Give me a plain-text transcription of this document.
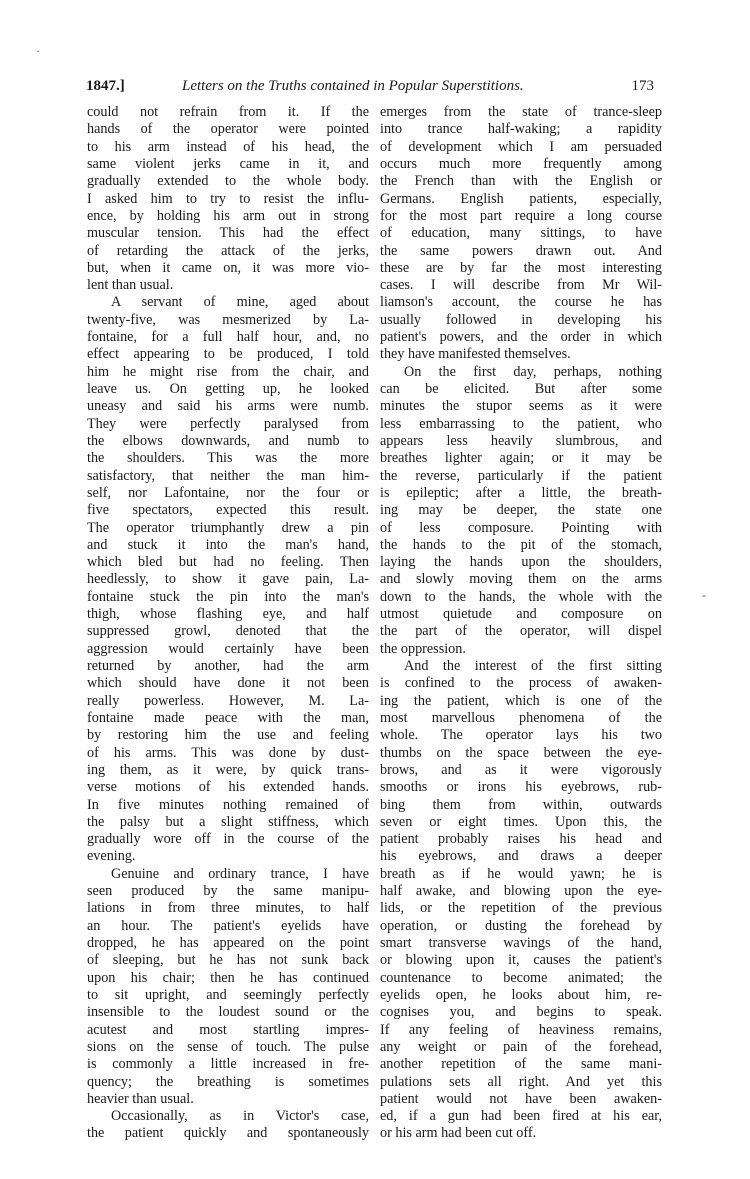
·
-
1847.]	Letters on the Truths contained in Popular Superstitions.	173

could not refrain from it. If the

hands of the operator were pointed

to his arm instead of his head, the

same violent jerks came in it, and

gradually extended to the whole body.

I asked him to try to resist the influ-

ence, by holding his arm out in strong

muscular tension. This had the effect

of retarding the attack of the jerks,

but, when it came on, it was more vio-

lent than usual.

A servant of mine, aged about

twenty-five, was mesmerized by La-

fontaine, for a full half hour, and, no

effect appearing to be produced, I told

him he might rise from the chair, and

leave us. On getting up, he looked

uneasy and said his arms were numb.

They were perfectly paralysed from

the elbows downwards, and numb to

the shoulders. This was the more

satisfactory, that neither the man him-

self, nor Lafontaine, nor the four or

five spectators, expected this result.

The operator triumphantly drew a pin

and stuck it into the man's hand,

which bled but had no feeling. Then

heedlessly, to show it gave pain, La-

fontaine stuck the pin into the man's

thigh, whose flashing eye, and half

suppressed growl, denoted that the

aggression would certainly have been

returned by another, had the arm

which should have done it not been

really powerless. However, M. La-

fontaine made peace with the man,

by restoring him the use and feeling

of his arms. This was done by dust-

ing them, as it were, by quick trans-

verse motions of his extended hands.

In five minutes nothing remained of

the palsy but a slight stiffness, which

gradually wore off in the course of the

evening.

Genuine and ordinary trance, I have

seen produced by the same manipu-

lations in from three minutes, to half

an hour. The patient's eyelids have

dropped, he has appeared on the point

of sleeping, but he has not sunk back

upon his chair; then he has continued

to sit upright, and seemingly perfectly

insensible to the loudest sound or the

acutest and most startling impres-

sions on the sense of touch. The pulse

is commonly a little increased in fre-

quency; the breathing is sometimes

heavier than usual.

Occasionally, as in Victor's case,

the patient quickly and spontaneously

emerges from the state of trance-sleep

into trance half-waking; a rapidity

of development which I am persuaded

occurs much more frequently among

the French than with the English or

Germans. English patients, especially,

for the most part require a long course

of education, many sittings, to have

the same powers drawn out. And

these are by far the most interesting

cases. I will describe from Mr Wil-

liamson's account, the course he has

usually followed in developing his

patient's powers, and the order in which

they have manifested themselves.

On the first day, perhaps, nothing

can be elicited. But after some

minutes the stupor seems as it were

less embarrassing to the patient, who

appears less heavily slumbrous, and

breathes lighter again; or it may be

the reverse, particularly if the patient

is epileptic; after a little, the breath-

ing may be deeper, the state one

of less composure. Pointing with

the hands to the pit of the stomach,

laying the hands upon the shoulders,

and slowly moving them on the arms

down to the hands, the whole with the

utmost quietude and composure on

the part of the operator, will dispel

the oppression.

And the interest of the first sitting

is confined to the process of awaken-

ing the patient, which is one of the

most marvellous phenomena of the

whole. The operator lays his two

thumbs on the space between the eye-

brows, and as it were vigorously

smooths or irons his eyebrows, rub-

bing them from within, outwards

seven or eight times. Upon this, the

patient probably raises his head and

his eyebrows, and draws a deeper

breath as if he would yawn; he is

half awake, and blowing upon the eye-

lids, or the repetition of the previous

operation, or dusting the forehead by

smart transverse wavings of the hand,

or blowing upon it, causes the patient's

countenance to become animated; the

eyelids open, he looks about him, re-

cognises you, and begins to speak.

If any feeling of heaviness remains,

any weight or pain of the forehead,

another repetition of the same mani-

pulations sets all right. And yet this

patient would not have been awaken-

ed, if a gun had been fired at his ear,

or his arm had been cut off.
